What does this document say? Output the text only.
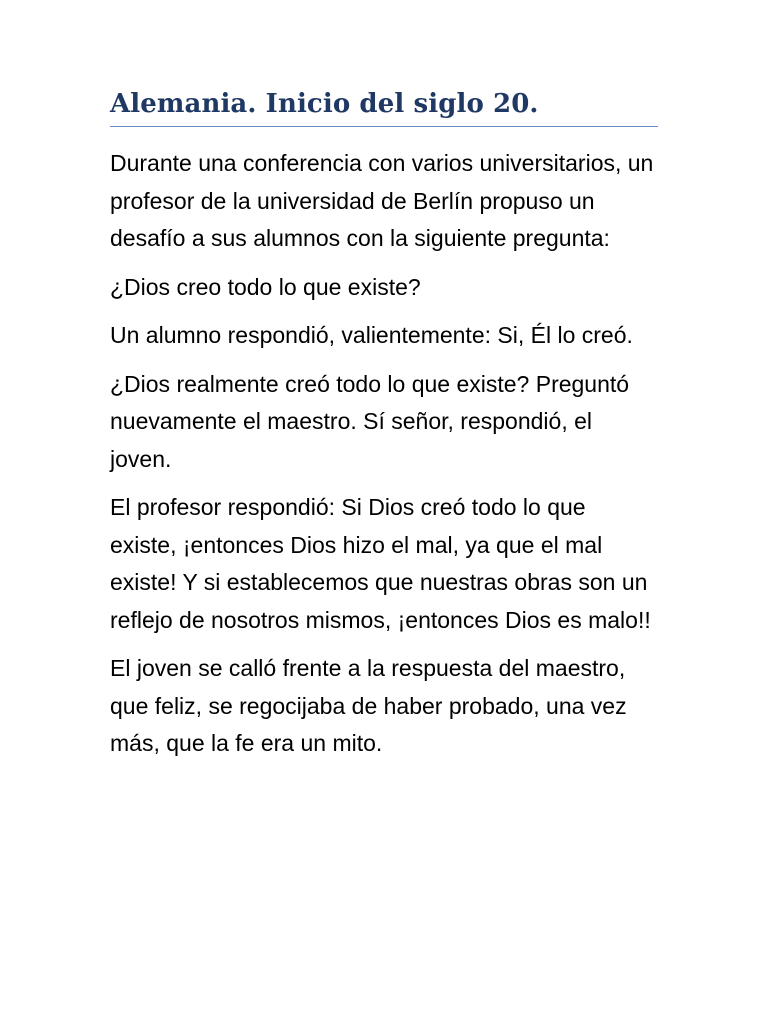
Alemania. Inicio del siglo 20.

Durante una conferencia con varios universitarios, un profesor de la universidad de Berlín propuso un desafío a sus alumnos con la siguiente pregunta:

¿Dios creo todo lo que existe?

Un alumno respondió, valientemente: Si, Él lo creó.

¿Dios realmente creó todo lo que existe? Preguntó nuevamente el maestro. Sí señor, respondió, el joven.

El profesor respondió: Si Dios creó todo lo que existe, ¡entonces Dios hizo el mal, ya que el mal existe! Y si establecemos que nuestras obras son un reflejo de nosotros mismos, ¡entonces Dios es malo!!

El joven se calló frente a la respuesta del maestro, que feliz, se regocijaba de haber probado, una vez más, que la fe era un mito.
